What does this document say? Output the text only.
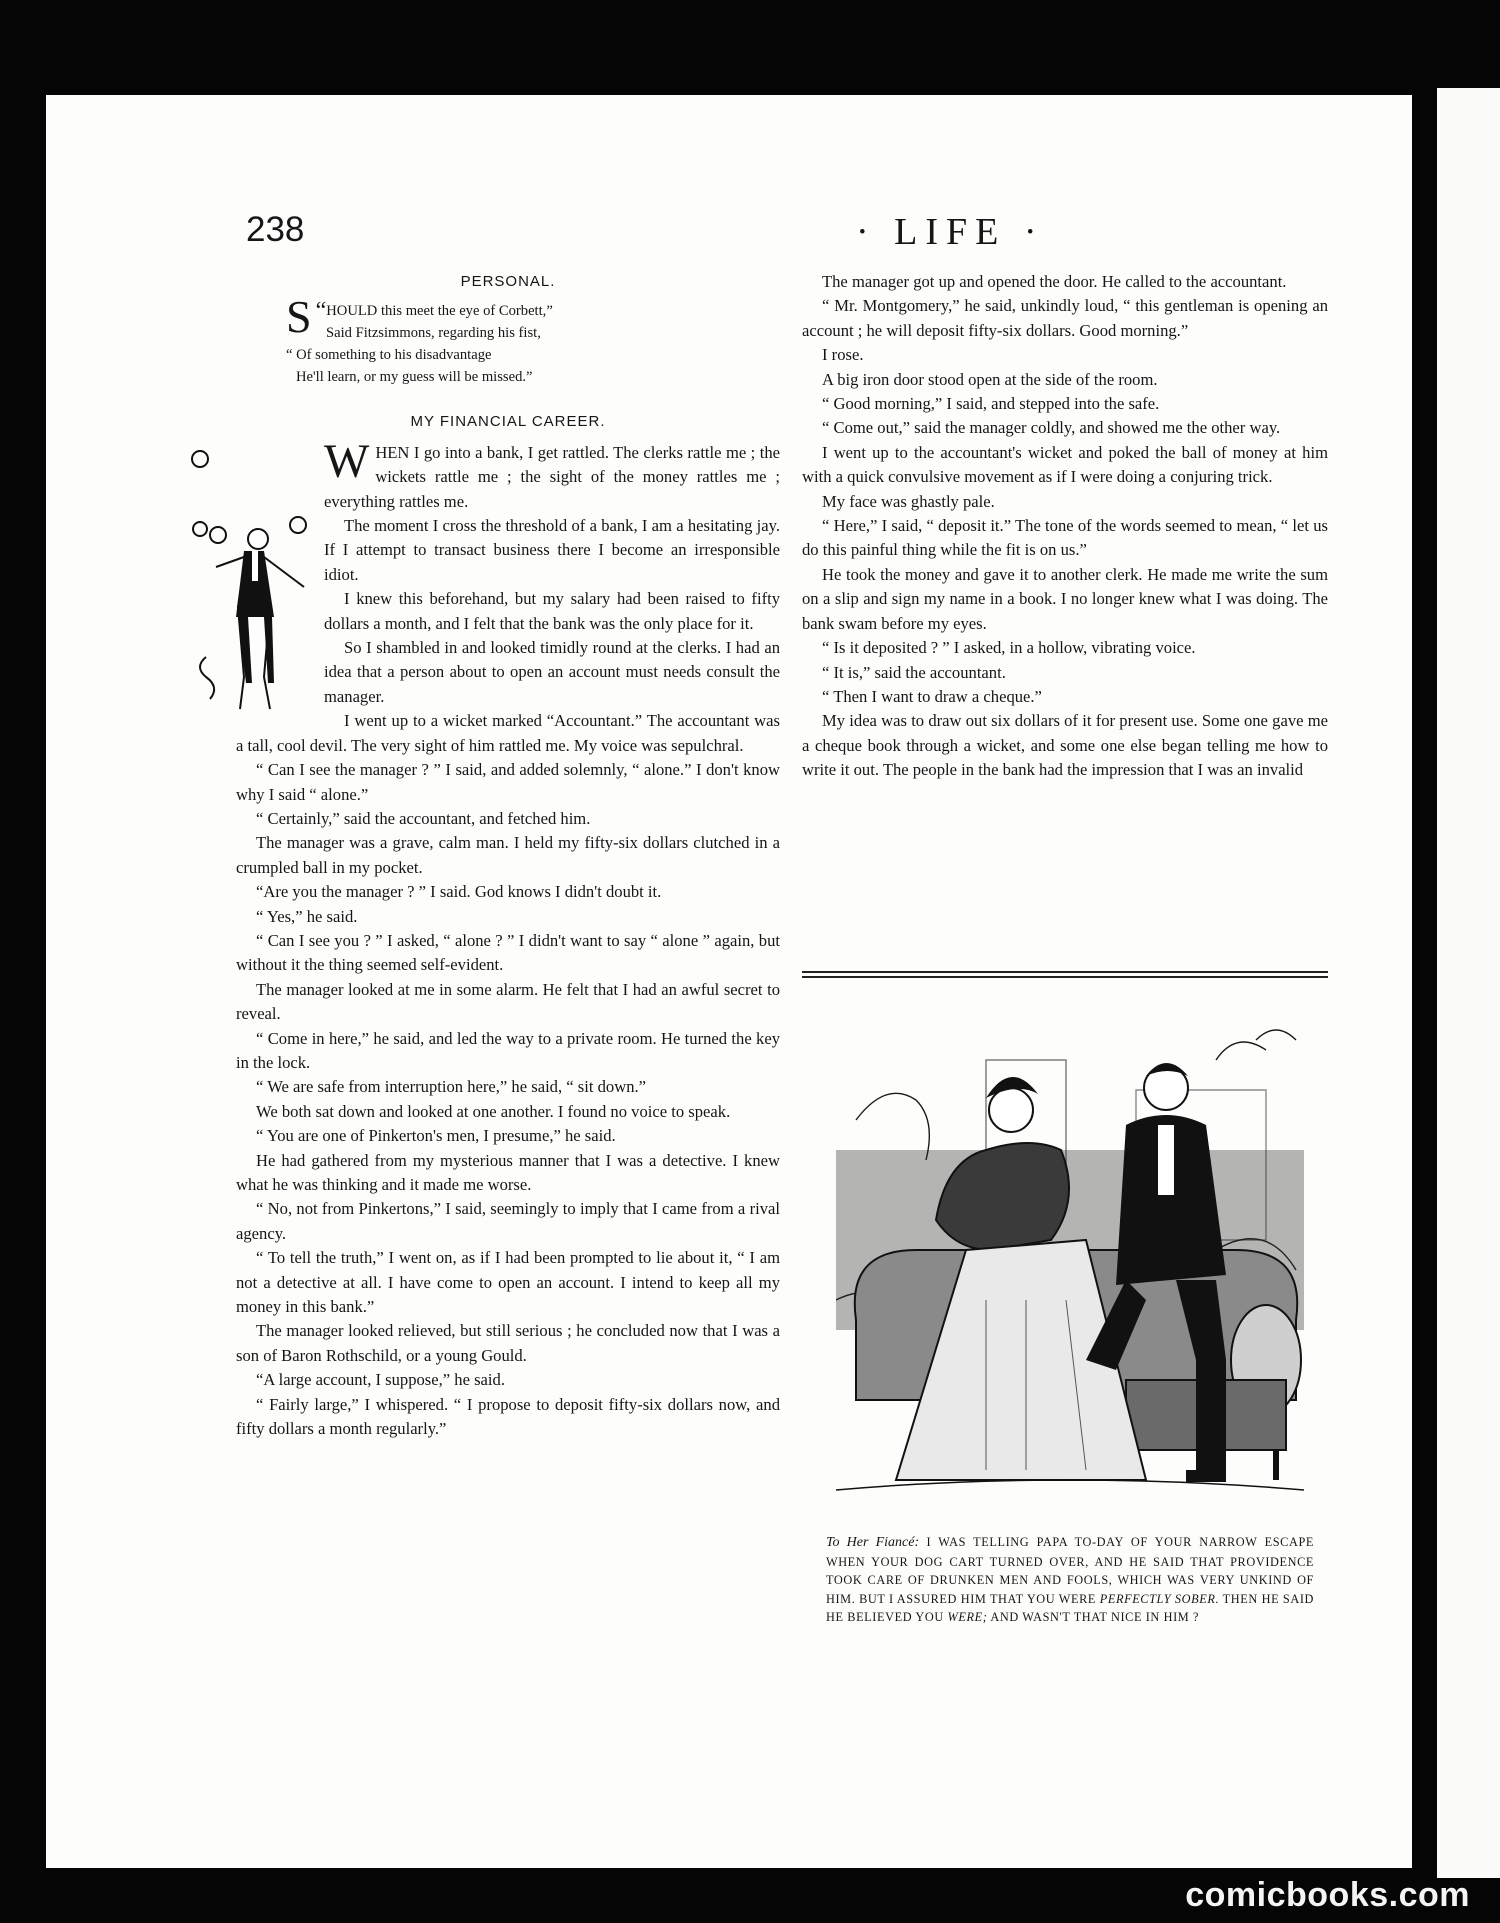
238	· LIFE ·
PERSONAL.
“
S HOULD this meet the eye of Corbett,”
Said Fitzsimmons, regarding his fist,
“ Of something to his disadvantage
He'll learn, or my guess will be missed.”
MY FINANCIAL CAREER.

WHEN I go into a bank, I get rattled. The clerks rattle me ; the wickets rattle me ; the sight of the money rattles me ; everything rattles me.

The moment I cross the threshold of a bank, I am a hesitating jay. If I attempt to transact business there I become an irresponsible idiot.

I knew this beforehand, but my salary had been raised to fifty dollars a month, and I felt that the bank was the only place for it.

So I shambled in and looked timidly round at the clerks. I had an idea that a person about to open an account must needs consult the manager.

I went up to a wicket marked “Accountant.” The accountant was a tall, cool devil. The very sight of him rattled me. My voice was sepulchral.

“ Can I see the manager ? ” I said, and added solemnly, “ alone.” I don't know why I said “ alone.”

“ Certainly,” said the accountant, and fetched him.

The manager was a grave, calm man. I held my fifty-six dollars clutched in a crumpled ball in my pocket.

“Are you the manager ? ” I said. God knows I didn't doubt it.

“ Yes,” he said.

“ Can I see you ? ” I asked, “ alone ? ” I didn't want to say “ alone ” again, but without it the thing seemed self-evident.

The manager looked at me in some alarm. He felt that I had an awful secret to reveal.

“ Come in here,” he said, and led the way to a private room. He turned the key in the lock.

“ We are safe from interruption here,” he said, “ sit down.”

We both sat down and looked at one another. I found no voice to speak.

“ You are one of Pinkerton's men, I presume,” he said.

He had gathered from my mysterious manner that I was a detective. I knew what he was thinking and it made me worse.

“ No, not from Pinkertons,” I said, seemingly to imply that I came from a rival agency.

“ To tell the truth,” I went on, as if I had been prompted to lie about it, “ I am not a detective at all. I have come to open an account. I intend to keep all my money in this bank.”

The manager looked relieved, but still serious ; he concluded now that I was a son of Baron Rothschild, or a young Gould.

“A large account, I suppose,” he said.

“ Fairly large,” I whispered. “ I propose to deposit fifty-six dollars now, and fifty dollars a month regularly.”

The manager got up and opened the door. He called to the accountant.

“ Mr. Montgomery,” he said, unkindly loud, “ this gentleman is opening an account ; he will deposit fifty-six dollars. Good morning.”

I rose.

A big iron door stood open at the side of the room.

“ Good morning,” I said, and stepped into the safe.

“ Come out,” said the manager coldly, and showed me the other way.

I went up to the accountant's wicket and poked the ball of money at him with a quick convulsive movement as if I were doing a conjuring trick.

My face was ghastly pale.

“ Here,” I said, “ deposit it.” The tone of the words seemed to mean, “ let us do this painful thing while the fit is on us.”

He took the money and gave it to another clerk. He made me write the sum on a slip and sign my name in a book. I no longer knew what I was doing. The bank swam before my eyes.

“ Is it deposited ? ” I asked, in a hollow, vibrating voice.

“ It is,” said the accountant.

“ Then I want to draw a cheque.”

My idea was to draw out six dollars of it for present use. Some one gave me a cheque book through a wicket, and some one else began telling me how to write it out. The people in the bank had the impression that I was an invalid

To Her Fiancé: I WAS TELLING PAPA TO-DAY OF YOUR NARROW ESCAPE WHEN YOUR DOG CART TURNED OVER, AND HE SAID THAT PROVIDENCE TOOK CARE OF DRUNKEN MEN AND FOOLS, WHICH WAS VERY UNKIND OF HIM. BUT I ASSURED HIM THAT YOU WERE PERFECTLY SOBER. THEN HE SAID HE BELIEVED YOU WERE; AND WASN'T THAT NICE IN HIM ?
comicbooks.com
